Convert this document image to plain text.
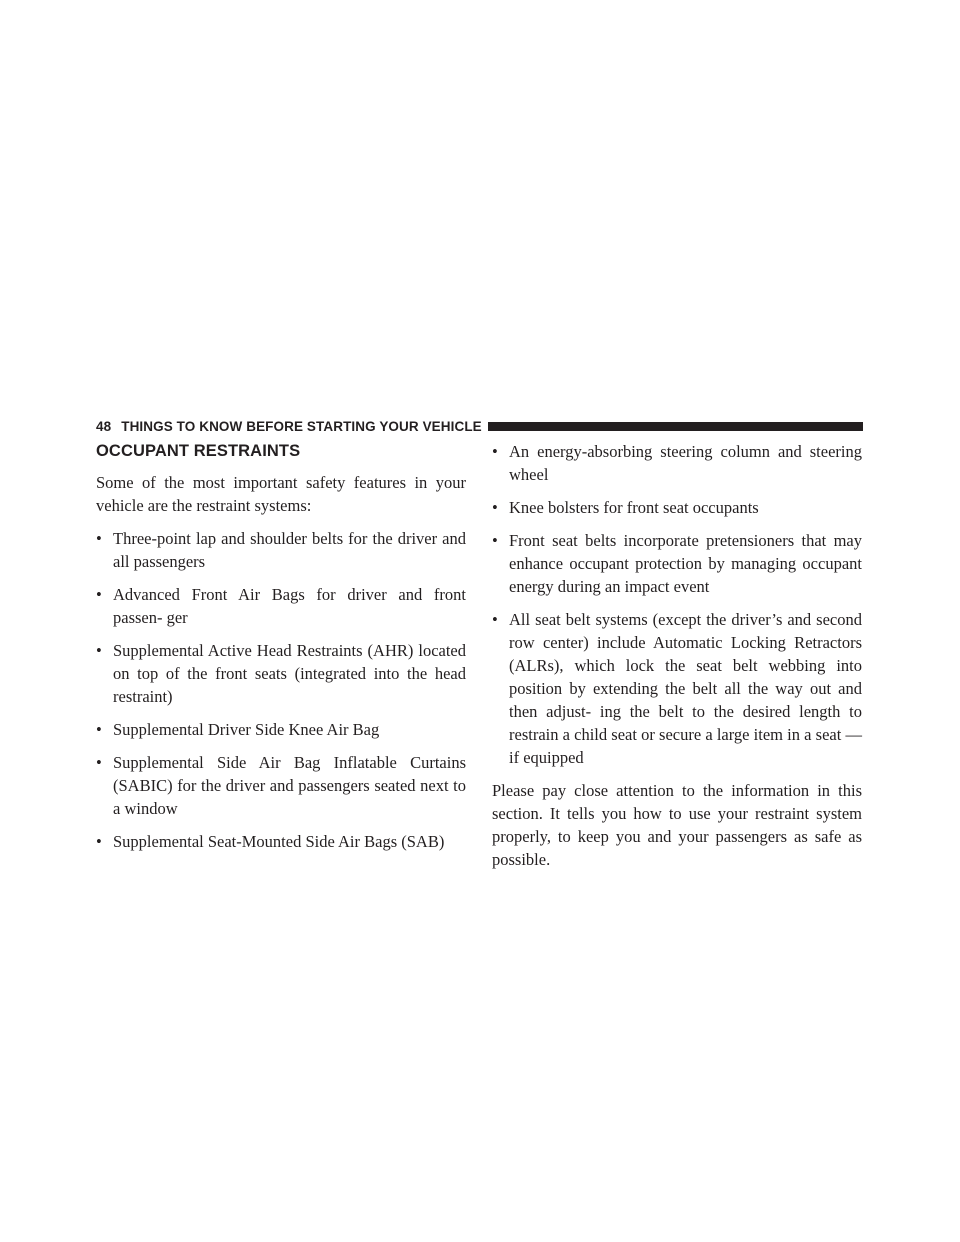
48 THINGS TO KNOW BEFORE STARTING YOUR VEHICLE
OCCUPANT RESTRAINTS

Some of the most important safety features in your vehicle are the restraint systems:

• Three-point lap and shoulder belts for the driver and all passengers
• Advanced Front Air Bags for driver and front passen- ger
• Supplemental Active Head Restraints (AHR) located on top of the front seats (integrated into the head restraint)
• Supplemental Driver Side Knee Air Bag
• Supplemental Side Air Bag Inflatable Curtains (SABIC) for the driver and passengers seated next to a window
• Supplemental Seat-Mounted Side Air Bags (SAB)
• An energy-absorbing steering column and steering wheel
• Knee bolsters for front seat occupants
• Front seat belts incorporate pretensioners that may enhance occupant protection by managing occupant energy during an impact event
• All seat belt systems (except the driver’s and second row center) include Automatic Locking Retractors (ALRs), which lock the seat belt webbing into position by extending the belt all the way out and then adjust- ing the belt to the desired length to restrain a child seat or secure a large item in a seat — if equipped

Please pay close attention to the information in this section. It tells you how to use your restraint system properly, to keep you and your passengers as safe as possible.
